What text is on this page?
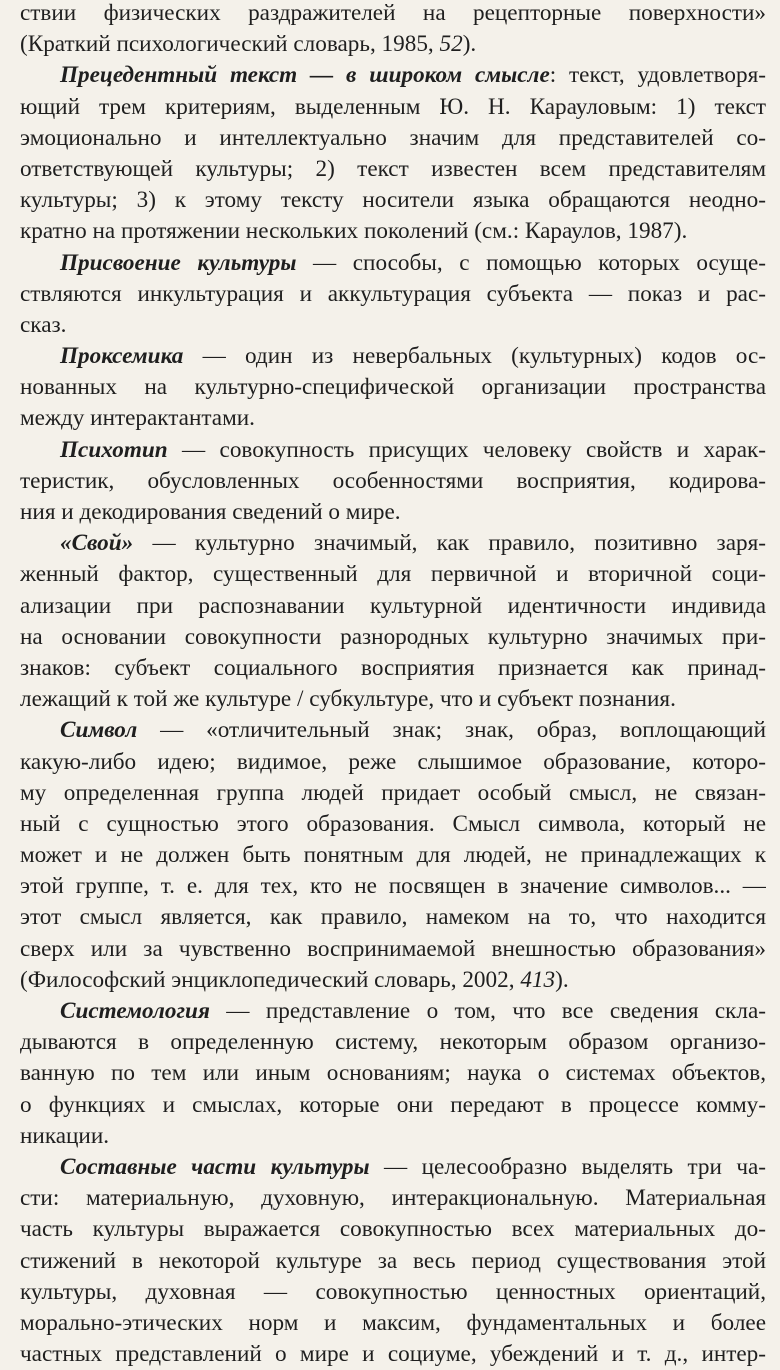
ствии физических раздражителей на рецепторные поверхности»
(Краткий психологический словарь, 1985, 52).
Прецедентный текст — в широком смысле: текст, удовлетворя-
ющий трем критериям, выделенным Ю. Н. Карауловым: 1) текст
эмоционально и интеллектуально значим для представителей со-
ответствующей культуры; 2) текст известен всем представителям
культуры; 3) к этому тексту носители языка обращаются неодно-
кратно на протяжении нескольких поколений (см.: Караулов, 1987).
Присвоение культуры — способы, с помощью которых осуще-
ствляются инкультурация и аккультурация субъекта — показ и рас-
сказ.
Проксемика — один из невербальных (культурных) кодов ос-
нованных на культурно-специфической организации пространства
между интерактантами.
Психотип — совокупность присущих человеку свойств и харак-
теристик, обусловленных особенностями восприятия, кодирова-
ния и декодирования сведений о мире.
«Свой» — культурно значимый, как правило, позитивно заря-
женный фактор, существенный для первичной и вторичной соци-
ализации при распознавании культурной идентичности индивида
на основании совокупности разнородных культурно значимых при-
знаков: субъект социального восприятия признается как принад-
лежащий к той же культуре / субкультуре, что и субъект познания.
Символ — «отличительный знак; знак, образ, воплощающий
какую-либо идею; видимое, реже слышимое образование, которо-
му определенная группа людей придает особый смысл, не связан-
ный с сущностью этого образования. Смысл символа, который не
может и не должен быть понятным для людей, не принадлежащих к
этой группе, т. е. для тех, кто не посвящен в значение символов... —
этот смысл является, как правило, намеком на то, что находится
сверх или за чувственно воспринимаемой внешностью образования»
(Философский энциклопедический словарь, 2002, 413).
Системология — представление о том, что все сведения скла-
дываются в определенную систему, некоторым образом организо-
ванную по тем или иным основаниям; наука о системах объектов,
о функциях и смыслах, которые они передают в процессе комму-
никации.
Составные части культуры — целесообразно выделять три ча-
сти: материальную, духовную, интеракциональную. Материальная
часть культуры выражается совокупностью всех материальных до-
стижений в некоторой культуре за весь период существования этой
культуры, духовная — совокупностью ценностных ориентаций,
морально-этических норм и максим, фундаментальных и более
частных представлений о мире и социуме, убеждений и т. д., интер-
